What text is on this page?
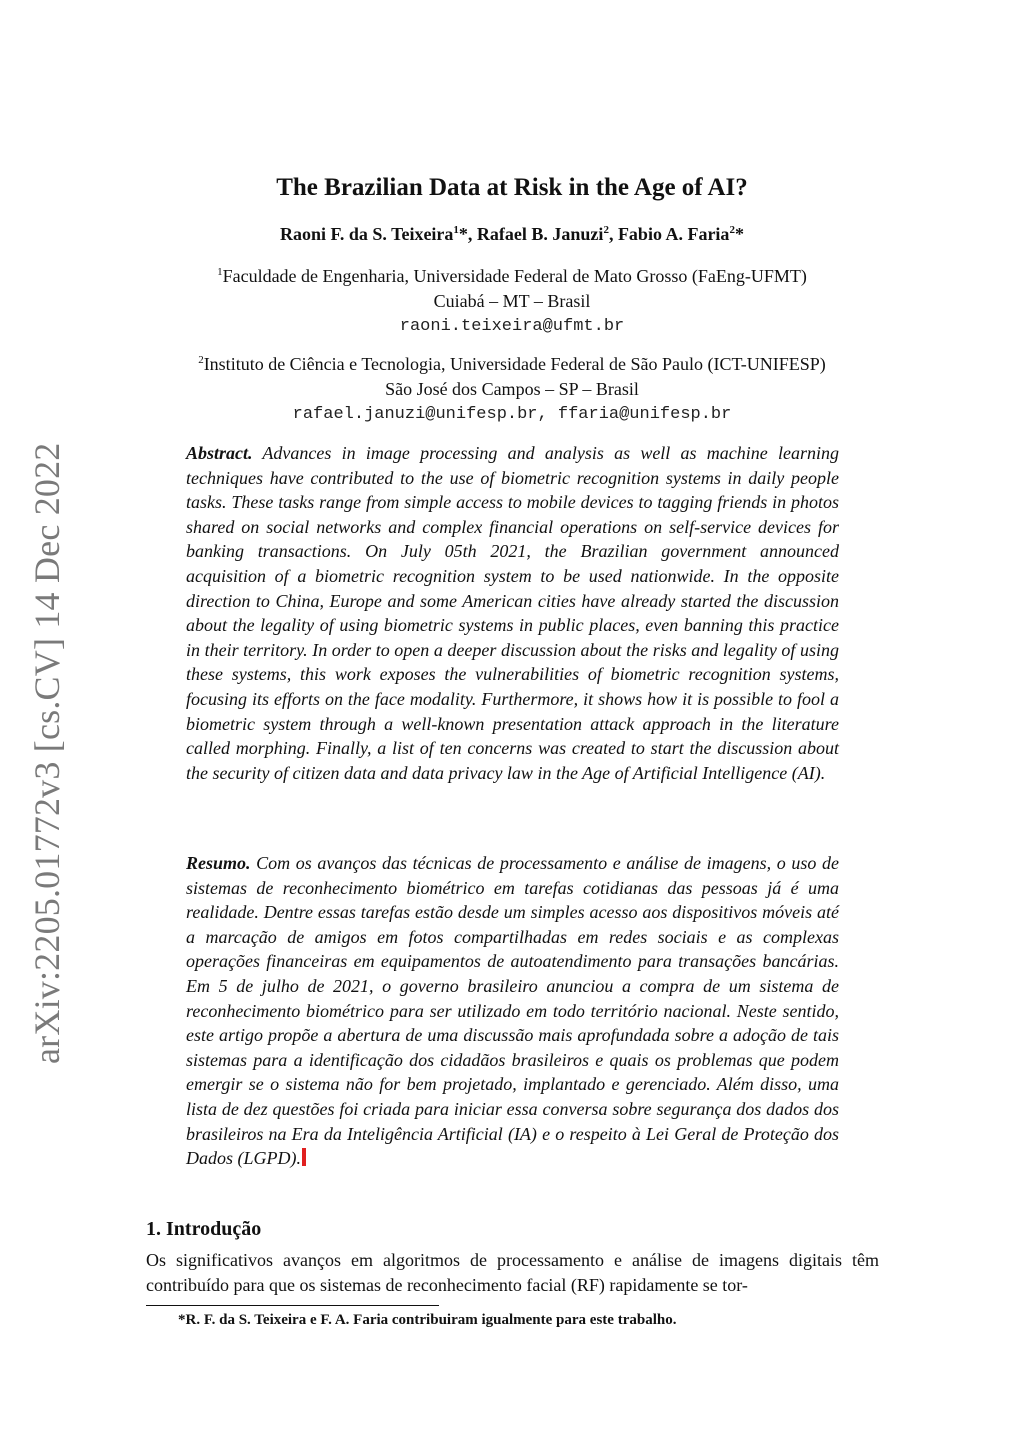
arXiv:2205.01772v3 [cs.CV] 14 Dec 2022
The Brazilian Data at Risk in the Age of AI?
Raoni F. da S. Teixeira$^1$*, Rafael B. Januzi$^2$, Fabio A. Faria$^2$*
$^1$Faculdade de Engenharia, Universidade Federal de Mato Grosso (FaEng-UFMT)
Cuiabá – MT – Brasil
raoni.teixeira@ufmt.br
$^2$Instituto de Ciência e Tecnologia, Universidade Federal de São Paulo (ICT-UNIFESP)
São José dos Campos – SP – Brasil
rafael.januzi@unifesp.br, ffaria@unifesp.br

Abstract. Advances in image processing and analysis as well as machine learning techniques have contributed to the use of biometric recognition systems in daily people tasks. These tasks range from simple access to mobile devices to tagging friends in photos shared on social networks and complex financial operations on self-service devices for banking transactions. On July 05th 2021, the Brazilian government announced acquisition of a biometric recognition system to be used nationwide. In the opposite direction to China, Europe and some American cities have already started the discussion about the legality of using biometric systems in public places, even banning this practice in their territory. In order to open a deeper discussion about the risks and legality of using these systems, this work exposes the vulnerabilities of biometric recognition systems, focusing its efforts on the face modality. Furthermore, it shows how it is possible to fool a biometric system through a well-known presentation attack approach in the literature called morphing. Finally, a list of ten concerns was created to start the discussion about the security of citizen data and data privacy law in the Age of Artificial Intelligence (AI).

Resumo. Com os avanços das técnicas de processamento e análise de imagens, o uso de sistemas de reconhecimento biométrico em tarefas cotidianas das pessoas já é uma realidade. Dentre essas tarefas estão desde um simples acesso aos dispositivos móveis até a marcação de amigos em fotos compartilhadas em redes sociais e as complexas operações financeiras em equipamentos de autoatendimento para transações bancárias. Em 5 de julho de 2021, o governo brasileiro anunciou a compra de um sistema de reconhecimento biométrico para ser utilizado em todo território nacional. Neste sentido, este artigo propõe a abertura de uma discussão mais aprofundada sobre a adoção de tais sistemas para a identificação dos cidadãos brasileiros e quais os problemas que podem emergir se o sistema não for bem projetado, implantado e gerenciado. Além disso, uma lista de dez questões foi criada para iniciar essa conversa sobre segurança dos dados dos brasileiros na Era da Inteligência Artificial (IA) e o respeito à Lei Geral de Proteção dos Dados (LGPD).

1. Introdução

Os significativos avanços em algoritmos de processamento e análise de imagens digitais têm contribuído para que os sistemas de reconhecimento facial (RF) rapidamente se tor-

*R. F. da S. Teixeira e F. A. Faria contribuiram igualmente para este trabalho.
